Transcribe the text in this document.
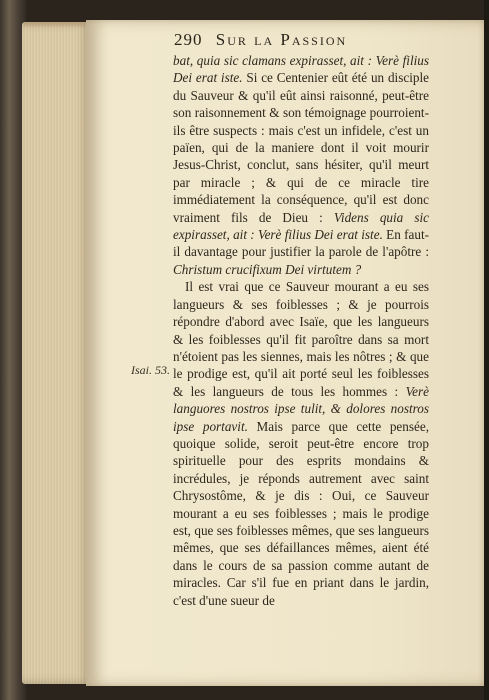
290 Sur la Passion
Isai. 53.

bat, quia sic clamans expirasset, ait : Verè filius Dei erat iste. Si ce Centenier eût été un disciple du Sauveur & qu'il eût ainsi raisonné, peut-être son raisonnement & son témoignage pourroient-ils être suspects : mais c'est un infidele, c'est un païen, qui de la maniere dont il voit mourir Jesus-Christ, conclut, sans hésiter, qu'il meurt par miracle ; & qui de ce miracle tire immédiatement la conséquence, qu'il est donc vraiment fils de Dieu : Videns quia sic expirasset, ait : Verè filius Dei erat iste. En faut-il davantage pour justifier la parole de l'apôtre : Christum crucifixum Dei virtutem ?

Il est vrai que ce Sauveur mourant a eu ses langueurs & ses foiblesses ; & je pourrois répondre d'abord avec Isaïe, que les langueurs & les foiblesses qu'il fit paroître dans sa mort n'étoient pas les siennes, mais les nôtres ; & que le prodige est, qu'il ait porté seul les foiblesses & les langueurs de tous les hommes : Verè languores nostros ipse tulit, & dolores nostros ipse portavit. Mais parce que cette pensée, quoique solide, seroit peut-être encore trop spirituelle pour des esprits mondains & incrédules, je réponds autrement avec saint Chrysostôme, & je dis : Oui, ce Sauveur mourant a eu ses foiblesses ; mais le prodige est, que ses foiblesses mêmes, que ses langueurs mêmes, que ses défaillances mêmes, aient été dans le cours de sa passion comme autant de miracles. Car s'il fue en priant dans le jardin, c'est d'une sueur de
